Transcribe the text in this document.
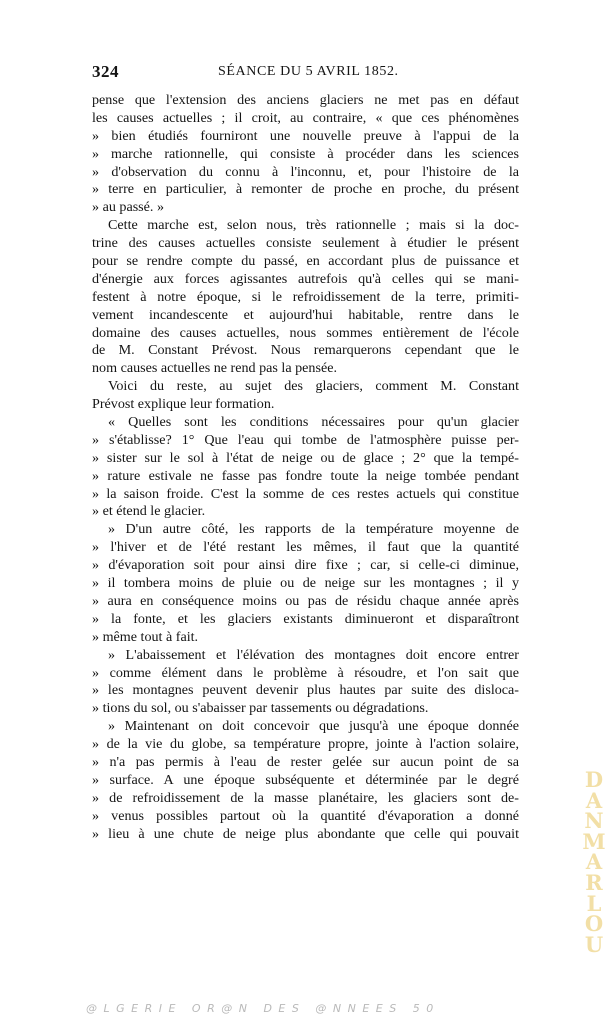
324	SÉANCE DU 5 AVRIL 1852.
pense que l'extension des anciens glaciers ne met pas en défaut
les causes actuelles ; il croit, au contraire, « que ces phénomènes
» bien étudiés fourniront une nouvelle preuve à l'appui de la
» marche rationnelle, qui consiste à procéder dans les sciences
» d'observation du connu à l'inconnu, et, pour l'histoire de la
» terre en particulier, à remonter de proche en proche, du présent
» au passé. »
Cette marche est, selon nous, très rationnelle ; mais si la doc-
trine des causes actuelles consiste seulement à étudier le présent
pour se rendre compte du passé, en accordant plus de puissance et
d'énergie aux forces agissantes autrefois qu'à celles qui se mani-
festent à notre époque, si le refroidissement de la terre, primiti-
vement incandescente et aujourd'hui habitable, rentre dans le
domaine des causes actuelles, nous sommes entièrement de l'école
de M. Constant Prévost. Nous remarquerons cependant que le
nom causes actuelles ne rend pas la pensée.
Voici du reste, au sujet des glaciers, comment M. Constant
Prévost explique leur formation.
« Quelles sont les conditions nécessaires pour qu'un glacier
» s'établisse? 1° Que l'eau qui tombe de l'atmosphère puisse per-
» sister sur le sol à l'état de neige ou de glace ; 2° que la tempé-
» rature estivale ne fasse pas fondre toute la neige tombée pendant
» la saison froide. C'est la somme de ces restes actuels qui constitue
» et étend le glacier.
» D'un autre côté, les rapports de la température moyenne de
» l'hiver et de l'été restant les mêmes, il faut que la quantité
» d'évaporation soit pour ainsi dire fixe ; car, si celle-ci diminue,
» il tombera moins de pluie ou de neige sur les montagnes ; il y
» aura en conséquence moins ou pas de résidu chaque année après
» la fonte, et les glaciers existants diminueront et disparaîtront
» même tout à fait.
» L'abaissement et l'élévation des montagnes doit encore entrer
» comme élément dans le problème à résoudre, et l'on sait que
» les montagnes peuvent devenir plus hautes par suite des disloca-
» tions du sol, ou s'abaisser par tassements ou dégradations.
» Maintenant on doit concevoir que jusqu'à une époque donnée
» de la vie du globe, sa température propre, jointe à l'action solaire,
» n'a pas permis à l'eau de rester gelée sur aucun point de sa
» surface. A une époque subséquente et déterminée par le degré
» de refroidissement de la masse planétaire, les glaciers sont de-
» venus possibles partout où la quantité d'évaporation a donné
» lieu à une chute de neige plus abondante que celle qui pouvait
D
A
N
M
A
R
L
O
U
@LGERIE OR@N DES @NNEES 50
